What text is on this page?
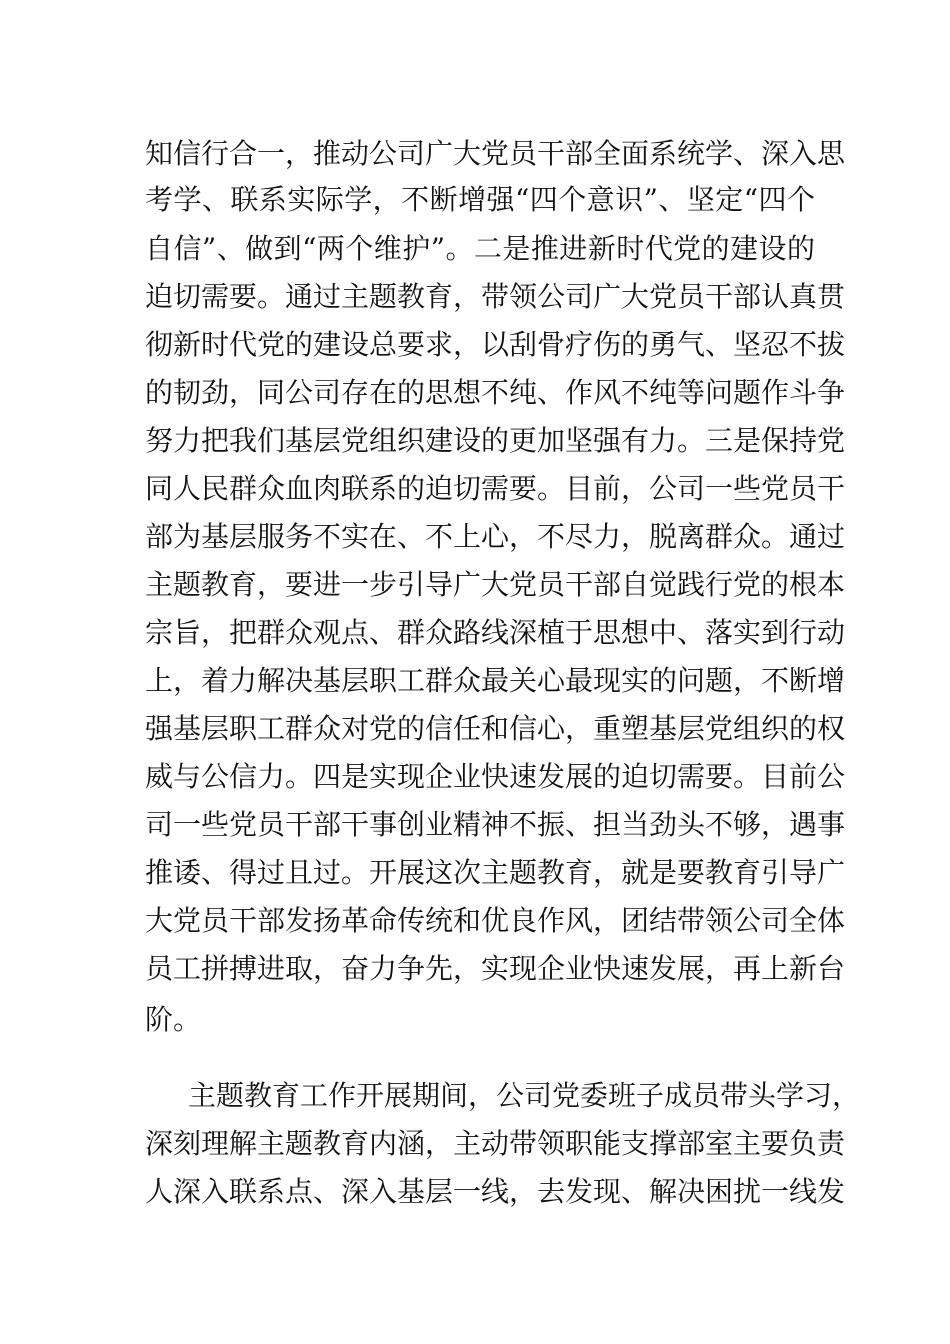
知信行合一，推动公司广大党员干部全面系统学、深入思
考学、联系实际学，不断增强“四个意识”、坚定“四个
自信”、做到“两个维护”。二是推进新时代党的建设的
迫切需要。通过主题教育，带领公司广大党员干部认真贯
彻新时代党的建设总要求，以刮骨疗伤的勇气、坚忍不拔
的韧劲，同公司存在的思想不纯、作风不纯等问题作斗争
努力把我们基层党组织建设的更加坚强有力。三是保持党
同人民群众血肉联系的迫切需要。目前，公司一些党员干
部为基层服务不实在、不上心，不尽力，脱离群众。通过
主题教育，要进一步引导广大党员干部自觉践行党的根本
宗旨，把群众观点、群众路线深植于思想中、落实到行动
上，着力解决基层职工群众最关心最现实的问题，不断增
强基层职工群众对党的信任和信心，重塑基层党组织的权
威与公信力。四是实现企业快速发展的迫切需要。目前公
司一些党员干部干事创业精神不振、担当劲头不够，遇事
推诿、得过且过。开展这次主题教育，就是要教育引导广
大党员干部发扬革命传统和优良作风，团结带领公司全体
员工拼搏进取，奋力争先，实现企业快速发展，再上新台
阶。
主题教育工作开展期间，公司党委班子成员带头学习，
深刻理解主题教育内涵，主动带领职能支撑部室主要负责
人深入联系点、深入基层一线，去发现、解决困扰一线发
